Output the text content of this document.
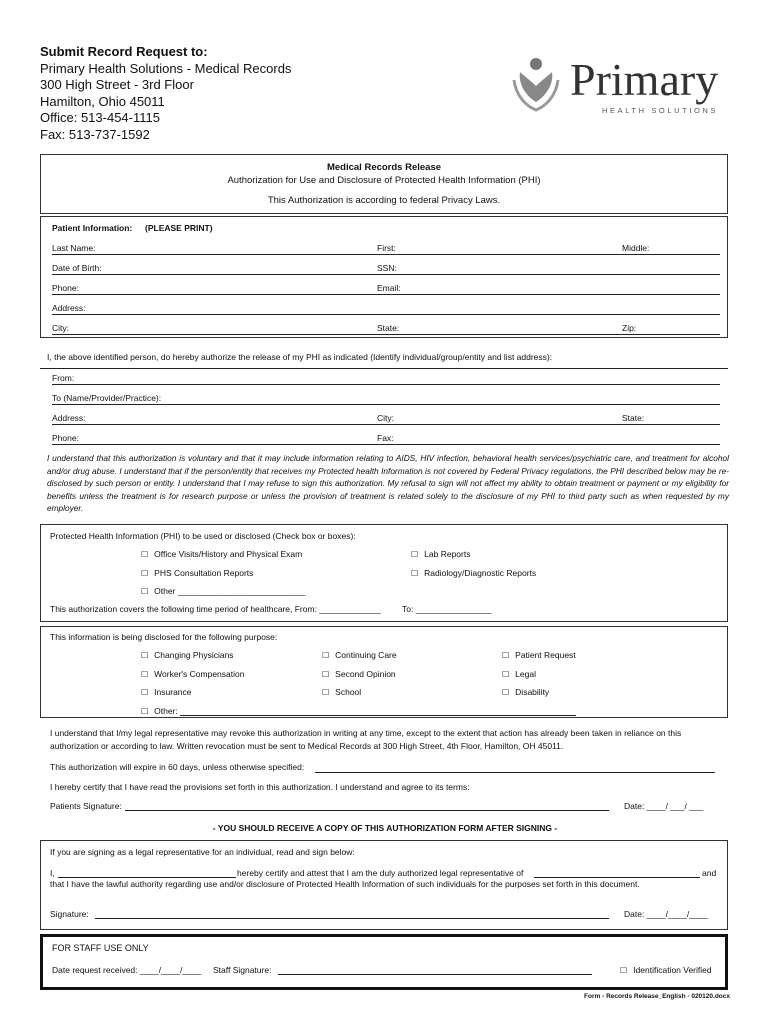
Submit Record Request to:
Primary Health Solutions - Medical Records
300 High Street - 3rd Floor
Hamilton, Ohio 45011
Office: 513-454-1115
Fax: 513-737-1592
Primary
HEALTH SOLUTIONS
Medical Records Release
Authorization for Use and Disclosure of Protected Health Information (PHI)
This Authorization is according to federal Privacy Laws.
Patient Information: (PLEASE PRINT)
Last Name:	First:	Middle:
Date of Birth:	SSN:
Phone:	Email:
Address:
City:	State:	Zip:
I, the above identified person, do hereby authorize the release of my PHI as indicated (Identify individual/group/entity and list address):
From:
To (Name/Provider/Practice):
Address:	City:	State:
Phone:	Fax:
I understand that this authorization is voluntary and that it may include information relating to AIDS, HIV infection, behavioral health services/psychiatric care, and treatment for alcohol and/or drug abuse. I understand that if the person/entity that receives my Protected health Information is not covered by Federal Privacy regulations, the PHI described below may be re-disclosed by such person or entity. I understand that I may refuse to sign this authorization. My refusal to sign will not affect my ability to obtain treatment or payment or my eligibility for benefits unless the treatment is for research purpose or unless the provision of treatment is related solely to the disclosure of my PHI to third party such as when requested by my employer.
Protected Health Information (PHI) to be used or disclosed (Check box or boxes):
☐ Office Visits/History and Physical Exam	☐ Lab Reports
☐ PHS Consultation Reports	☐ Radiology/Diagnostic Reports
☐ Other ___________________________
This authorization covers the following time period of healthcare, From: _____________	To: ________________
This information is being disclosed for the following purpose:
☐ Changing Physicians	☐ Continuing Care	☐ Patient Request
☐ Worker's Compensation	☐ Second Opinion	☐ Legal
☐ Insurance	☐ School	☐ Disability
☐ Other:
I understand that I/my legal representative may revoke this authorization in writing at any time, except to the extent that action has already been taken in reliance on this authorization or according to law. Written revocation must be sent to Medical Records at 300 High Street, 4th Floor, Hamilton, OH 45011.
This authorization will expire in 60 days, unless otherwise specified:
I hereby certify that I have read the provisions set forth in this authorization. I understand and agree to its terms:
Patients Signature:	Date: ____/ ___/ ___
- YOU SHOULD RECEIVE A COPY OF THIS AUTHORIZATION FORM AFTER SIGNING -
If you are signing as a legal representative for an individual, read and sign below:
I,	hereby certify and attest that I am the duly authorized legal representative of	and
that I have the lawful authority regarding use and/or disclosure of Protected Health Information of such individuals for the purposes set forth in this document.
Signature:	Date: ____/____/____
FOR STAFF USE ONLY
Date request received: ____/____/____ Staff Signature:	☐ Identification Verified
Form - Records Release_English - 020120.docx
